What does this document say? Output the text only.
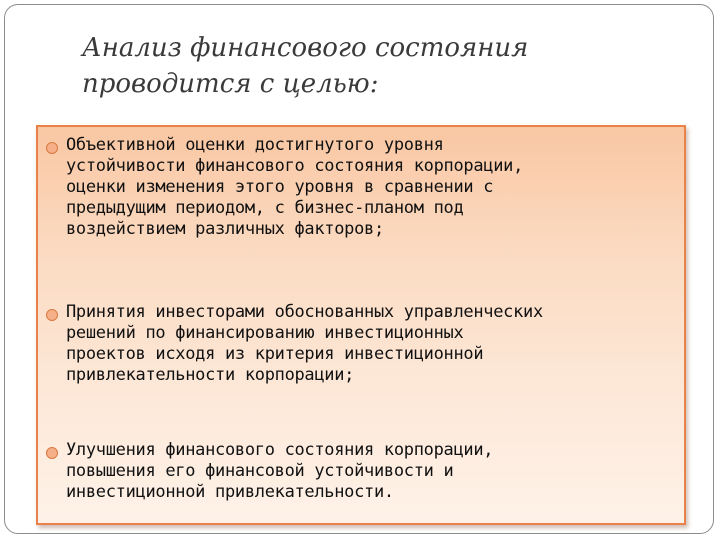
Анализ финансового состояния
проводится с целью:
Объективной оценки достигнутого уровня
устойчивости финансового состояния корпорации,
оценки изменения этого уровня в сравнении с
предыдущим периодом, с бизнес-планом под
воздействием различных факторов;
Принятия инвесторами обоснованных управленческих
решений по финансированию инвестиционных
проектов исходя из критерия инвестиционной
привлекательности корпорации;
Улучшения финансового состояния корпорации,
повышения его финансовой устойчивости и
инвестиционной привлекательности.
